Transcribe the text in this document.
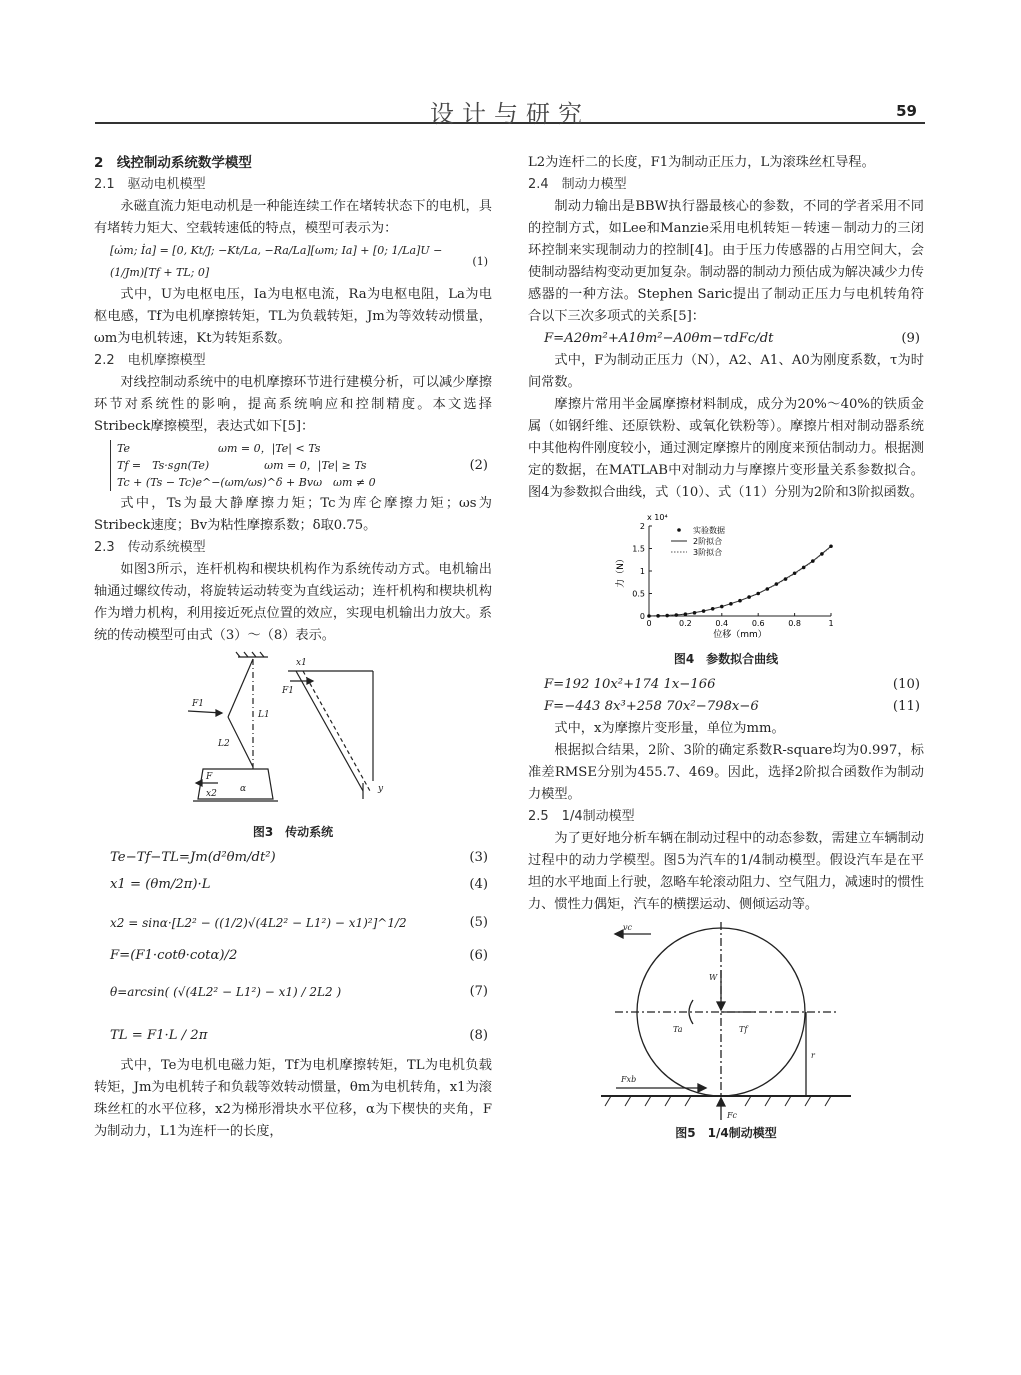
设计与研究	59
2　线控制动系统数学模型
2.1　驱动电机模型
永磁直流力矩电动机是一种能连续工作在堵转状态下的电机，具有堵转力矩大、空载转速低的特点，模型可表示为：
[ω̇m; İa] = [0, Kt/J; −Kt/La, −Ra/La][ωm; Ia] + [0; 1/La]U − (1/Jm)[Tf + TL; 0]
(1)
式中，U为电枢电压，Ia为电枢电流，Ra为电枢电阻，La为电枢电感，Tf为电机摩擦转矩，TL为负载转矩，Jm为等效转动惯量，ωm为电机转速，Kt为转矩系数。
2.2　电机摩擦模型
对线控制动系统中的电机摩擦环节进行建模分析，可以减少摩擦环节对系统性的影响，提高系统响应和控制精度。本文选择Stribeck摩擦模型，表达式如下[5]：
Te　　　　　　　　ωm = 0，|Te| < Ts
Tf =　Ts·sgn(Te)　　　　　ωm = 0，|Te| ≥ Ts
Tc + (Ts − Tc)e^−(ωm/ωs)^δ + Bvω　ωm ≠ 0
(2)
式中，Ts为最大静摩擦力矩；Tc为库仑摩擦力矩；ωs为Stribeck速度；Bv为粘性摩擦系数；δ取0.75。
2.3　传动系统模型
如图3所示，连杆机构和楔块机构作为系统传动方式。电机输出轴通过螺纹传动，将旋转运动转变为直线运动；连杆机构和楔块机构作为增力机构，利用接近死点位置的效应，实现电机输出力放大。系统的传动模型可由式（3）～（8）表示。
F1
L1
L2
F
x2	α
x1
F1
y
图3　传动系统
Te−Tf−TL=Jm(d²θm/dt²)	(3)
x1 = (θm/2π)·L	(4)
x2 = sinα·[L2² − ((1/2)√(4L2² − L1²) − x1)²]^1/2	(5)
F=(F1·cotθ·cotα)/2	(6)
θ=arcsin( (√(4L2² − L1²) − x1) / 2L2 )	(7)
TL = F1·L / 2π	(8)
式中，Te为电机电磁力矩，Tf为电机摩擦转矩，TL为电机负载转矩，Jm为电机转子和负载等效转动惯量，θm为电机转角，x1为滚珠丝杠的水平位移，x2为梯形滑块水平位移，α为下楔快的夹角，F为制动力，L1为连杆一的长度，
L2为连杆二的长度，F1为制动正压力，L为滚珠丝杠导程。
2.4　制动力模型
制动力输出是BBW执行器最核心的参数，不同的学者采用不同的控制方式，如Lee和Manzie采用电机转矩－转速－制动力的三闭环控制来实现制动力的控制[4]。由于压力传感器的占用空间大，会使制动器结构变动更加复杂。制动器的制动力预估成为解决减少力传感器的一种方法。Stephen Saric提出了制动正压力与电机转角符合以下三次多项式的关系[5]：
F=A2θm²+A1θm²−A0θm−τdFc/dt	(9)
式中，F为制动正压力（N），A2、A1、A0为刚度系数，τ为时间常数。
摩擦片常用半金属摩擦材料制成，成分为20%～40%的铁质金属（如钢纤维、还原铁粉、或氧化铁粉等）。摩擦片相对制动器系统中其他构件刚度较小，通过测定摩擦片的刚度来预估制动力。根据测定的数据，在MATLAB中对制动力与摩擦片变形量关系参数拟合。图4为参数拟合曲线，式（10）、式（11）分别为2阶和3阶拟函数。
0	0.2	0.4	0.6	0.8	1
0
0.5
1
1.5
2
x 10⁴
位移（mm）
力（N）
实验数据
2阶拟合
3阶拟合
图4　参数拟合曲线
F=192 10x²+174 1x−166	(10)
F=−443 8x³+258 70x²−798x−6	(11)
式中，x为摩擦片变形量，单位为mm。
根据拟合结果，2阶、3阶的确定系数R-square均为0.997，标准差RMSE分别为455.7、469。因此，选择2阶拟合函数作为制动力模型。
2.5　1/4制动模型
为了更好地分析车辆在制动过程中的动态参数，需建立车辆制动过程中的动力学模型。图5为汽车的1/4制动模型。假设汽车是在平坦的水平地面上行驶，忽略车轮滚动阻力、空气阻力，减速时的惯性力、惯性力偶矩，汽车的横摆运动、侧倾运动等。
vc
W
Ta	Tf
r
Fxb
Fc
图5　1/4制动模型
